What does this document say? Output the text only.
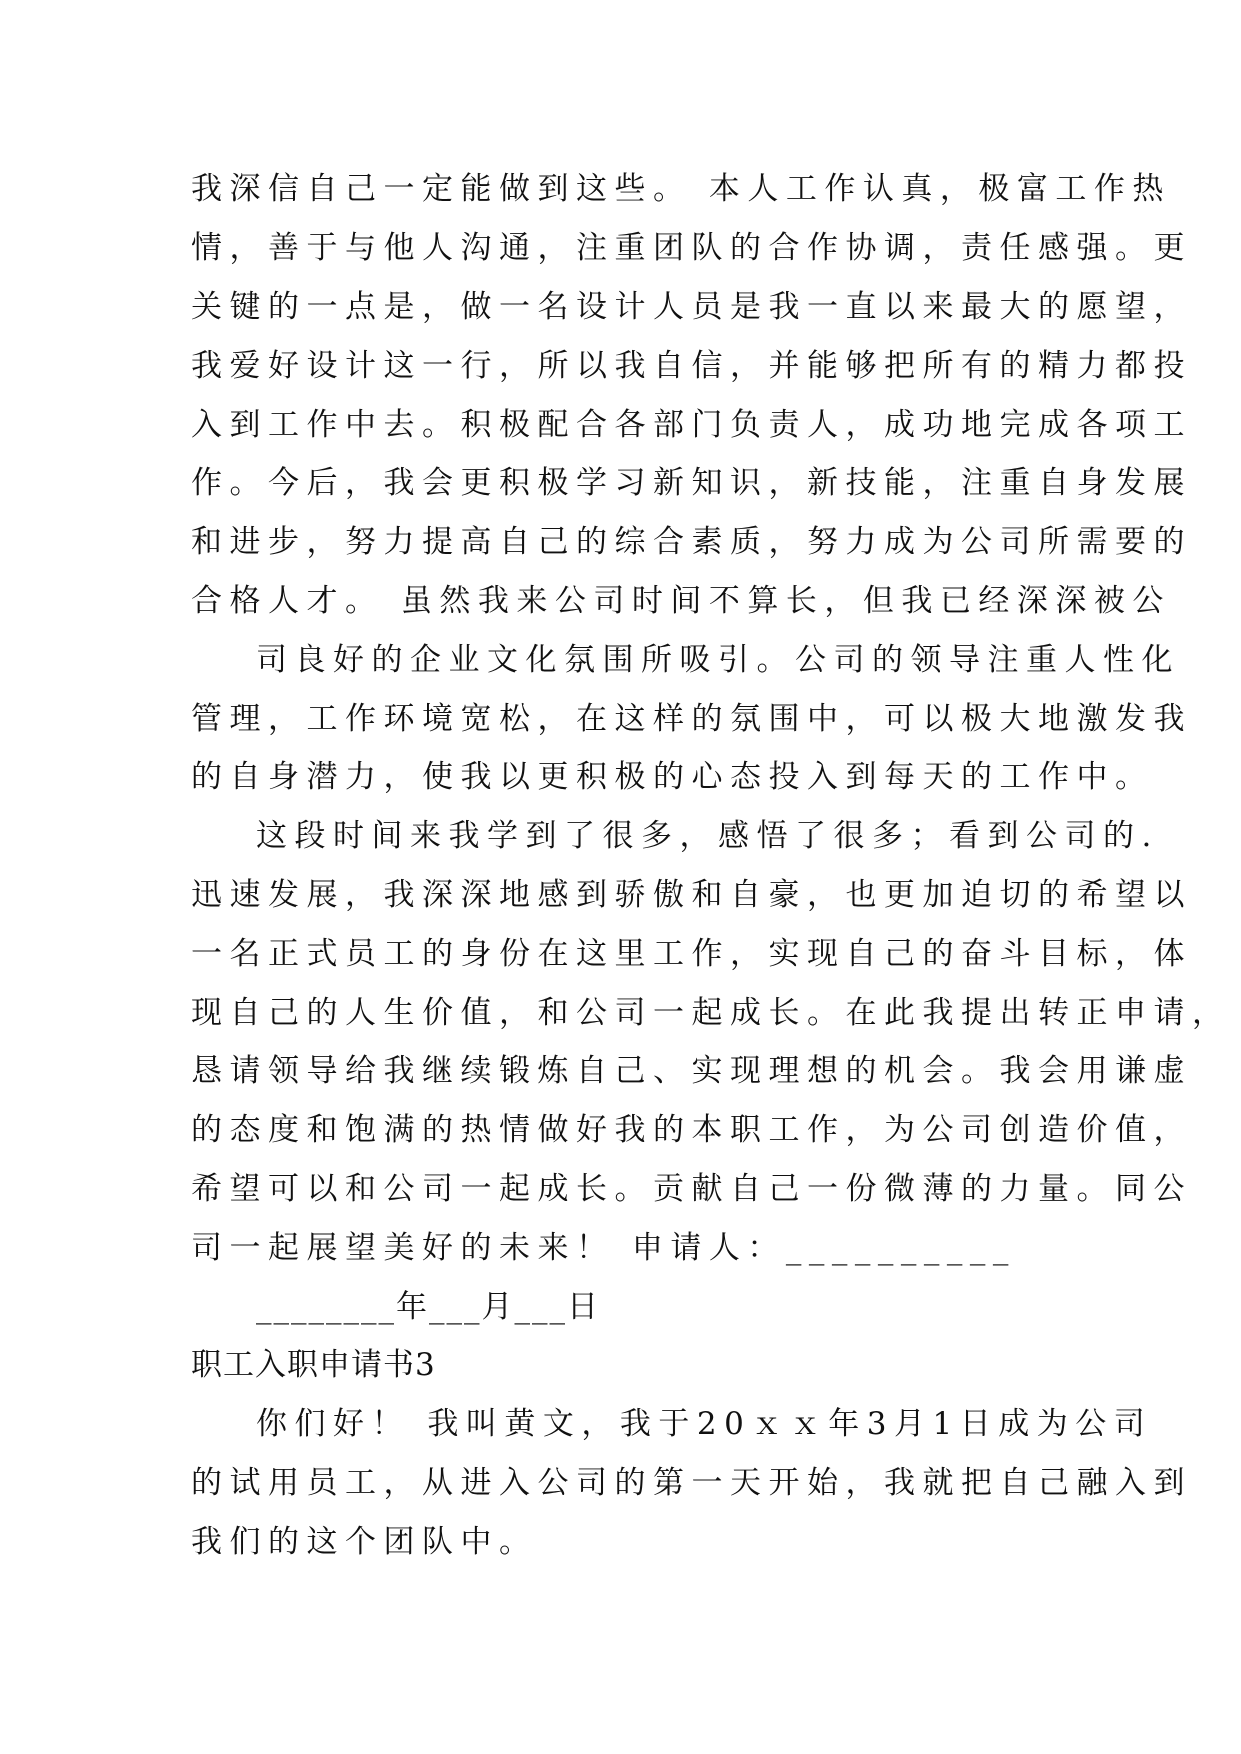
我深信自己一定能做到这些。 本人工作认真，极富工作热
情，善于与他人沟通，注重团队的合作协调，责任感强。更
关键的一点是，做一名设计人员是我一直以来最大的愿望，
我爱好设计这一行，所以我自信，并能够把所有的精力都投
入到工作中去。积极配合各部门负责人，成功地完成各项工
作。今后，我会更积极学习新知识，新技能，注重自身发展
和进步，努力提高自己的综合素质，努力成为公司所需要的
合格人才。 虽然我来公司时间不算长，但我已经深深被公
司良好的企业文化氛围所吸引。公司的领导注重人性化
管理，工作环境宽松，在这样的氛围中，可以极大地激发我
的自身潜力，使我以更积极的心态投入到每天的工作中。
这段时间来我学到了很多，感悟了很多；看到公司的.
迅速发展，我深深地感到骄傲和自豪，也更加迫切的希望以
一名正式员工的身份在这里工作，实现自己的奋斗目标，体
现自己的人生价值，和公司一起成长。在此我提出转正申请，
恳请领导给我继续锻炼自己、实现理想的机会。我会用谦虚
的态度和饱满的热情做好我的本职工作，为公司创造价值，
希望可以和公司一起成长。贡献自己一份微薄的力量。同公
司一起展望美好的未来！ 申请人：__________
________年___月___日
职工入职申请书3
你们好！ 我叫黄文，我于20ｘｘ年3月1日成为公司
的试用员工，从进入公司的第一天开始，我就把自己融入到
我们的这个团队中。
